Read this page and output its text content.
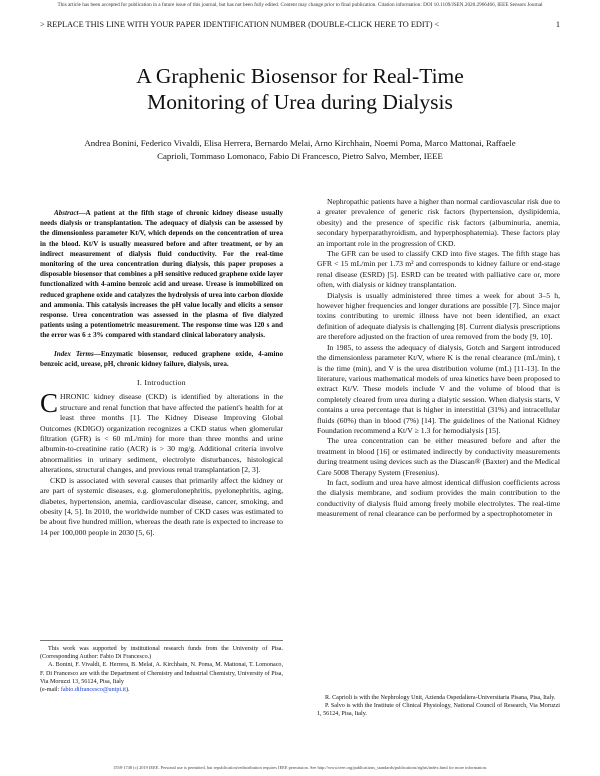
This article has been accepted for publication in a future issue of this journal, but has not been fully edited. Content may change prior to final publication. Citation information: DOI 10.1109/JSEN.2020.2966466, IEEE Sensors Journal
> REPLACE THIS LINE WITH YOUR PAPER IDENTIFICATION NUMBER (DOUBLE-CLICK HERE TO EDIT) <	1
A Graphenic Biosensor for Real-Time
Monitoring of Urea during Dialysis
Andrea Bonini, Federico Vivaldi, Elisa Herrera, Bernardo Melai, Arno Kirchhain, Noemi Poma, Marco Mattonai, Raffaele Caprioli, Tommaso Lomonaco, Fabio Di Francesco, Pietro Salvo, Member, IEEE

Abstract—A patient at the fifth stage of chronic kidney disease usually needs dialysis or transplantation. The adequacy of dialysis can be assessed by the dimensionless parameter Kt/V, which depends on the concentration of urea in the blood. Kt/V is usually measured before and after treatment, or by an indirect measurement of dialysis fluid conductivity. For the real-time monitoring of the urea concentration during dialysis, this paper proposes a disposable biosensor that combines a pH sensitive reduced graphene oxide layer functionalized with 4-amino benzoic acid and urease. Urease is immobilized on reduced graphene oxide and catalyzes the hydrolysis of urea into carbon dioxide and ammonia. This catalysis increases the pH value locally and elicits a sensor response. Urea concentration was assessed in the plasma of five dialyzed patients using a potentiometric measurement. The response time was 120 s and the error was 6 ± 3% compared with standard clinical laboratory analysis.

Index Terms—Enzymatic biosensor, reduced graphene oxide, 4-amino benzoic acid, urease, pH, chronic kidney failure, dialysis, urea.

I. Introduction

CHRONIC kidney disease (CKD) is identified by alterations in the structure and renal function that have affected the patient's health for at least three months [1]. The Kidney Disease Improving Global Outcomes (KDIGO) organization recognizes a CKD status when glomerular filtration (GFR) is < 60 mL/min) for more than three months and urine albumin-to-creatinine ratio (ACR) is > 30 mg/g. Additional criteria involve abnormalities in urinary sediment, electrolyte disturbances, histological alterations, structural changes, and previous renal transplantation [2, 3].

CKD is associated with several causes that primarily affect the kidney or are part of systemic diseases, e.g. glomerulonephritis, pyelonephritis, aging, diabetes, hypertension, anemia, cardiovascular disease, cancer, smoking, and obesity [4, 5]. In 2010, the worldwide number of CKD cases was estimated to be about five hundred million, whereas the death rate is expected to increase to 14 per 100,000 people in 2030 [5, 6].

Nephropathic patients have a higher than normal cardiovascular risk due to a greater prevalence of generic risk factors (hypertension, dyslipidemia, obesity) and the presence of specific risk factors (albuminuria, anemia, secondary hyperparathyroidism, and hyperphosphatemia). These factors play an important role in the progression of CKD.

The GFR can be used to classify CKD into five stages. The fifth stage has GFR < 15 mL/min per 1.73 m² and corresponds to kidney failure or end-stage renal disease (ESRD) [5]. ESRD can be treated with palliative care or, more often, with dialysis or kidney transplantation.

Dialysis is usually administered three times a week for about 3–5 h, however higher frequencies and longer durations are possible [7]. Since major toxins contributing to uremic illness have not been identified, an exact definition of adequate dialysis is challenging [8]. Current dialysis prescriptions are therefore adjusted on the fraction of urea removed from the body [9, 10].

In 1985, to assess the adequacy of dialysis, Gotch and Sargent introduced the dimensionless parameter Kt/V, where K is the renal clearance (mL/min), t is the time (min), and V is the urea distribution volume (mL) [11-13]. In the literature, various mathematical models of urea kinetics have been proposed to extract Kt/V. These models include V and the volume of blood that is completely cleared from urea during a dialytic session. When dialysis starts, V contains a urea percentage that is higher in interstitial (31%) and intracellular fluids (60%) than in blood (7%) [14]. The guidelines of the National Kidney Foundation recommend a Kt/V ≥ 1.3 for hemodialysis [15].

The urea concentration can be either measured before and after the treatment in blood [16] or estimated indirectly by conductivity measurements during treatment using devices such as the Diascan® (Baxter) and the Medical Care 5008 Therapy System (Fresenius).

In fact, sodium and urea have almost identical diffusion coefficients across the dialysis membrane, and sodium provides the main contribution to the conductivity of dialysis fluid among freely mobile electrolytes. The real-time measurement of renal clearance can be performed by a spectrophotometer in

This work was supported by institutional research funds from the University of Pisa. (Corresponding Author: Fabio Di Francesco.)

A. Bonini, F. Vivaldi, E. Herrera, B. Melai, A. Kirchhain, N. Poma, M. Mattonai, T. Lomonaco, F. Di Francesco are with the Department of Chemistry and Industrial Chemistry, University of Pisa, Via Moruzzi 13, 56124, Pisa, Italy

(e-mail: fabio.difrancesco@unipi.it).

R. Caprioli is with the Nephrology Unit, Azienda Ospedaliera-Universitaria Pisana, Pisa, Italy.

P. Salvo is with the Institute of Clinical Physiology, National Council of Research, Via Moruzzi 1, 56124, Pisa, Italy.

1558-1748 (c) 2019 IEEE. Personal use is permitted, but republication/redistribution requires IEEE permission. See http://www.ieee.org/publications_standards/publications/rights/index.html for more information.
